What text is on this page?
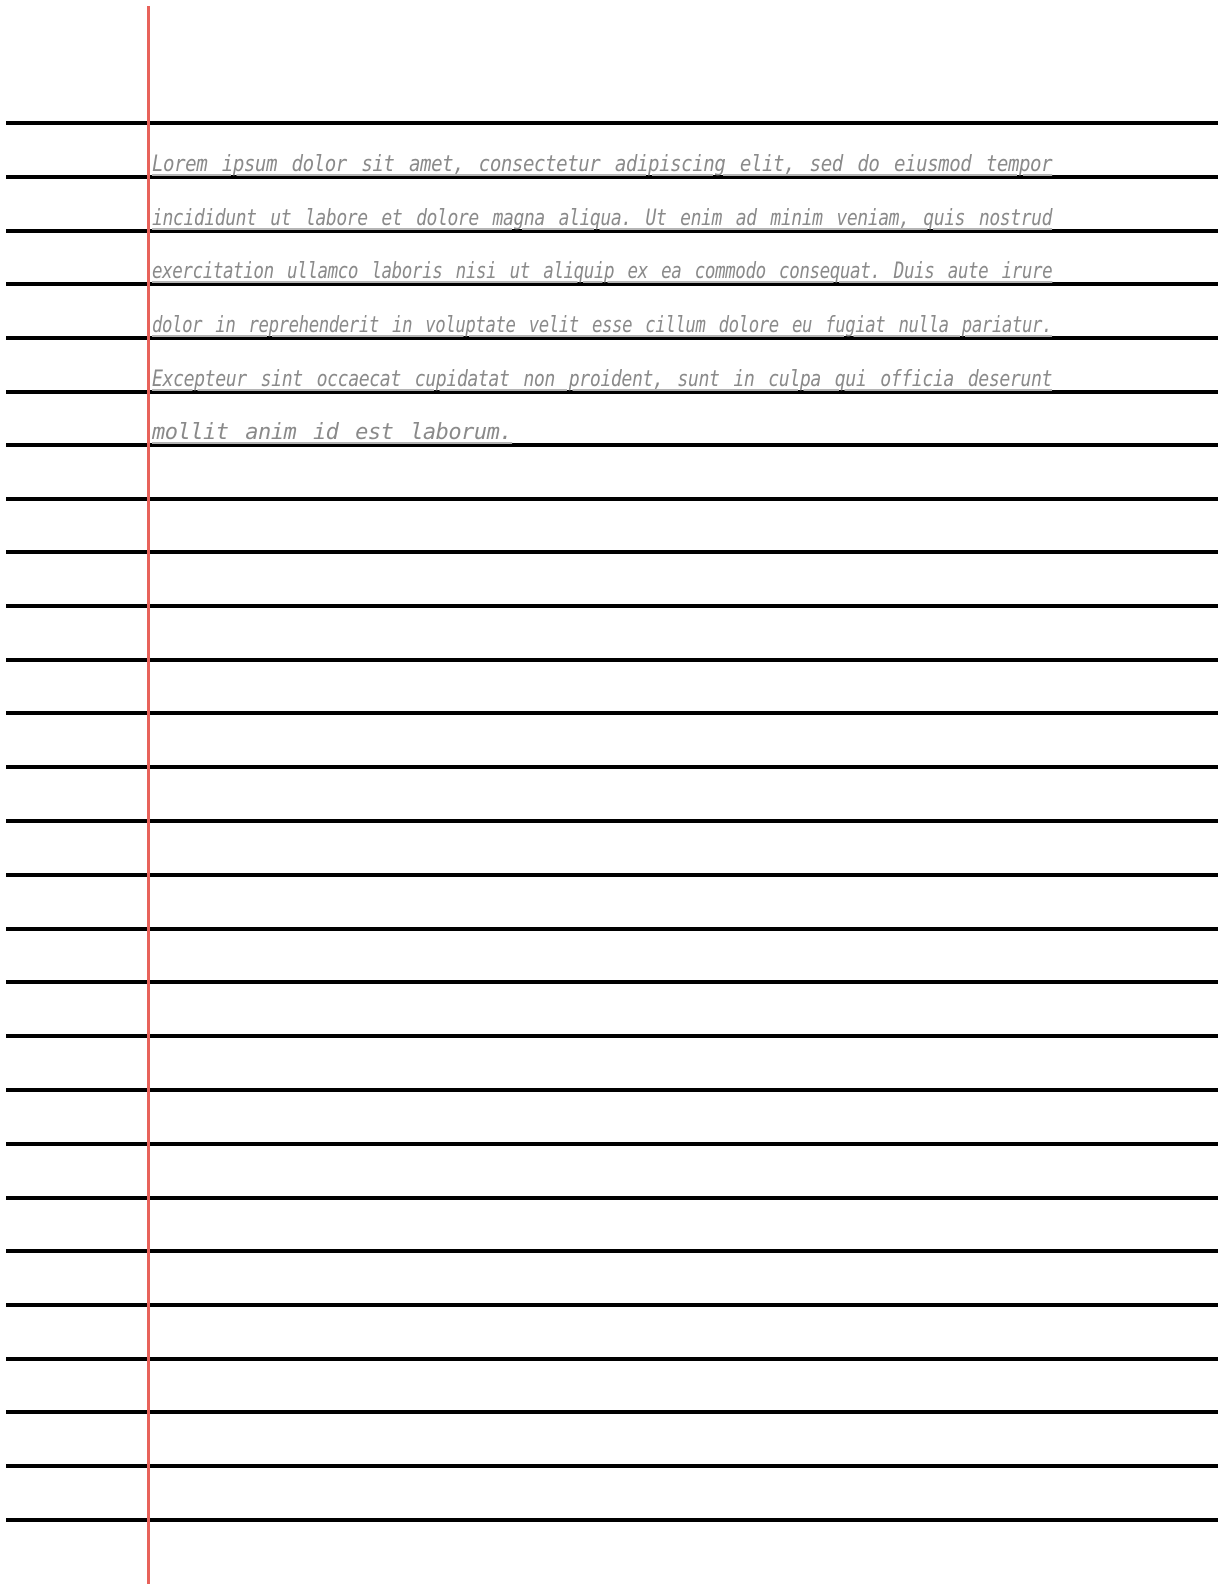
Lorem ipsum dolor sit amet, consectetur adipiscing elit, sed do eiusmod tempor
incididunt ut labore et dolore magna aliqua. Ut enim ad minim veniam, quis nostrud
exercitation ullamco laboris nisi ut aliquip ex ea commodo consequat. Duis aute irure
dolor in reprehenderit in voluptate velit esse cillum dolore eu fugiat nulla pariatur.
Excepteur sint occaecat cupidatat non proident, sunt in culpa qui officia deserunt
mollit anim id est laborum.
